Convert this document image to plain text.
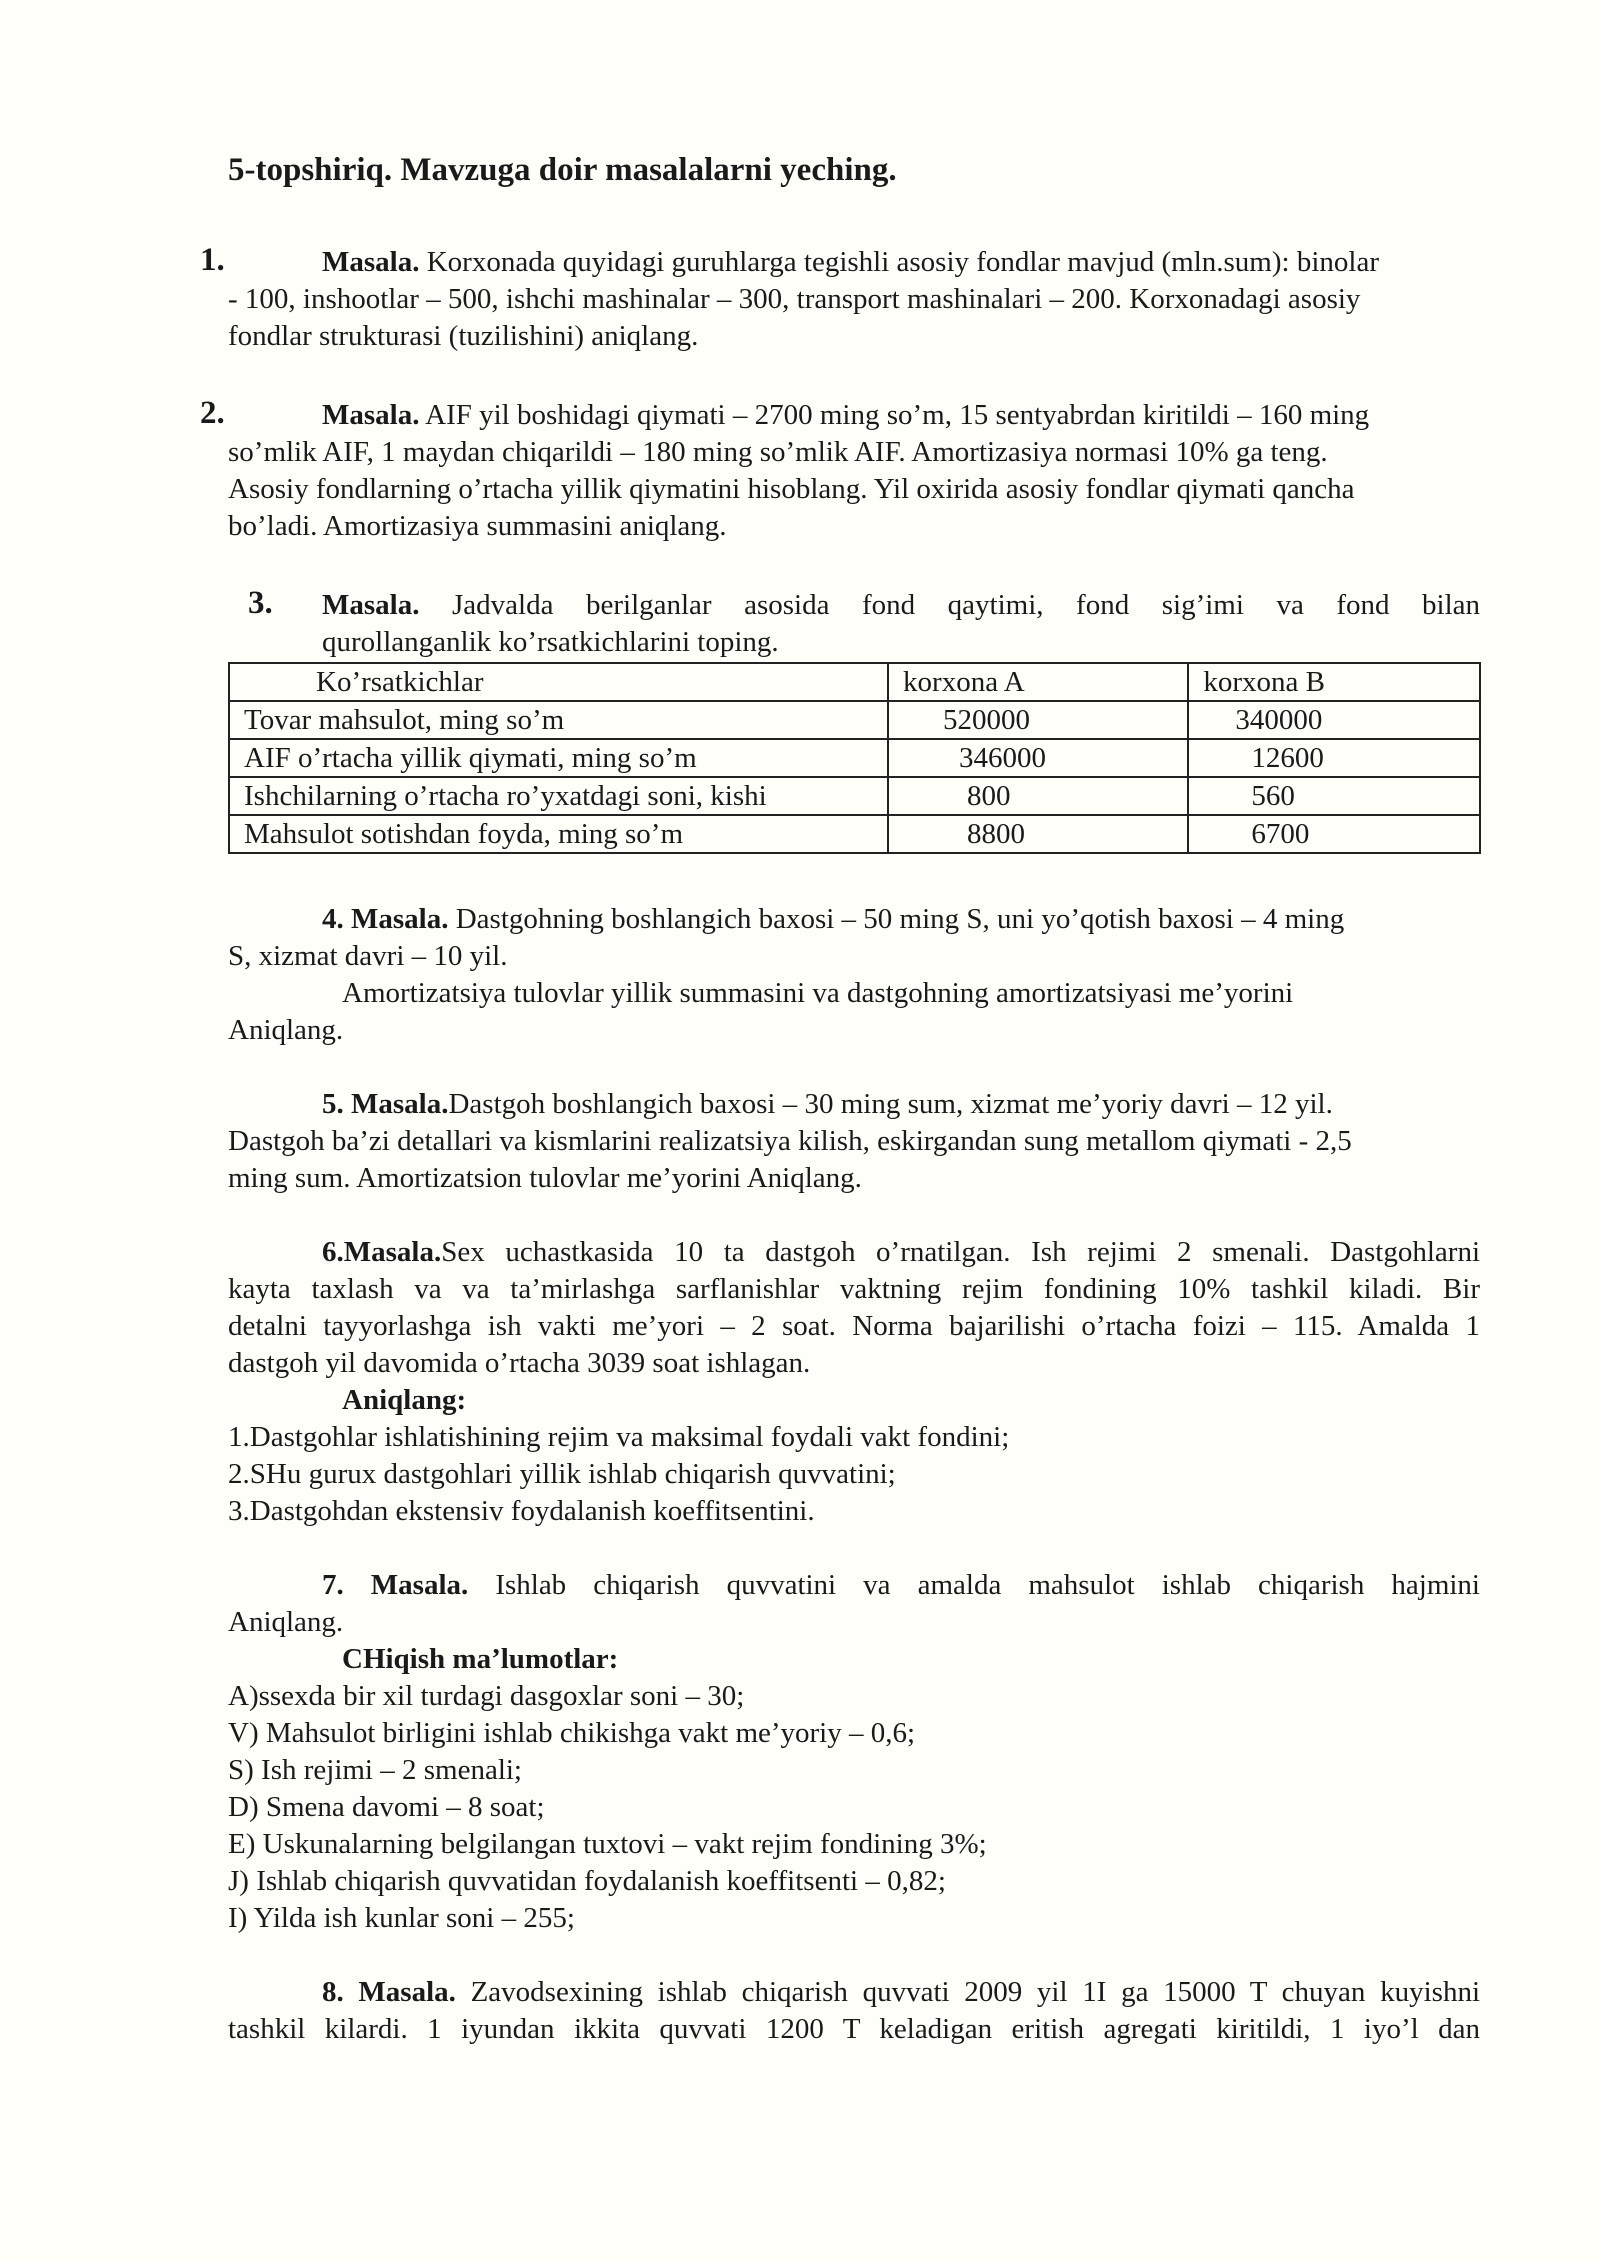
5-topshiriq. Mavzuga doir masalalarni yeching.
1.	Masala. Korxonada quyidagi guruhlarga tegishli asosiy fondlar mavjud (mln.sum): binolar
- 100, inshootlar – 500, ishchi mashinalar – 300, transport mashinalari – 200. Korxonadagi asosiy
fondlar strukturasi (tuzilishini) aniqlang.
2.	Masala. AIF yil boshidagi qiymati – 2700 ming so’m, 15 sentyabrdan kiritildi – 160 ming
so’mlik AIF, 1 maydan chiqarildi – 180 ming so’mlik AIF. Amortizasiya normasi 10% ga teng.
Asosiy fondlarning o’rtacha yillik qiymatini hisoblang. Yil oxirida asosiy fondlar qiymati qancha
bo’ladi. Amortizasiya summasini aniqlang.
3. Masala. Jadvalda berilganlar asosida fond qaytimi, fond sig’imi va fond bilan
qurollanganlik ko’rsatkichlarini toping.
Ko’rsatkichlar	korxona A	korxona B
Tovar mahsulot, ming so’m	520000	340000
AIF o’rtacha yillik qiymati, ming so’m	346000	12600
Ishchilarning o’rtacha ro’yxatdagi soni, kishi	800	560
Mahsulot sotishdan foyda, ming so’m	8800	6700
4. Masala. Dastgohning boshlangich baxosi – 50 ming S, uni yo’qotish baxosi – 4 ming
S, xizmat davri – 10 yil.
Amortizatsiya tulovlar yillik summasini va dastgohning amortizatsiyasi me’yorini
Aniqlang.
5. Masala.Dastgoh boshlangich baxosi – 30 ming sum, xizmat me’yoriy davri – 12 yil.
Dastgoh ba’zi detallari va kismlarini realizatsiya kilish, eskirgandan sung metallom qiymati - 2,5
ming sum. Amortizatsion tulovlar me’yorini Aniqlang.
6.Masala.Sex uchastkasida 10 ta dastgoh o’rnatilgan. Ish rejimi 2 smenali. Dastgohlarni
kayta taxlash va va ta’mirlashga sarflanishlar vaktning rejim fondining 10% tashkil kiladi. Bir
detalni tayyorlashga ish vakti me’yori – 2 soat. Norma bajarilishi o’rtacha foizi – 115. Amalda 1
dastgoh yil davomida o’rtacha 3039 soat ishlagan.
Aniqlang:
1.Dastgohlar ishlatishining rejim va maksimal foydali vakt fondini;
2.SHu gurux dastgohlari yillik ishlab chiqarish quvvatini;
3.Dastgohdan ekstensiv foydalanish koeffitsentini.
7. Masala. Ishlab chiqarish quvvatini va amalda mahsulot ishlab chiqarish hajmini
Aniqlang.
CHiqish ma’lumotlar:
A)ssexda bir xil turdagi dasgoxlar soni – 30;
V) Mahsulot birligini ishlab chikishga vakt me’yoriy – 0,6;
S) Ish rejimi – 2 smenali;
D) Smena davomi – 8 soat;
E) Uskunalarning belgilangan tuxtovi – vakt rejim fondining 3%;
J) Ishlab chiqarish quvvatidan foydalanish koeffitsenti – 0,82;
I) Yilda ish kunlar soni – 255;
8. Masala. Zavodsexining ishlab chiqarish quvvati 2009 yil 1I ga 15000 T chuyan kuyishni
tashkil kilardi. 1 iyundan ikkita quvvati 1200 T keladigan eritish agregati kiritildi, 1 iyo’l dan
